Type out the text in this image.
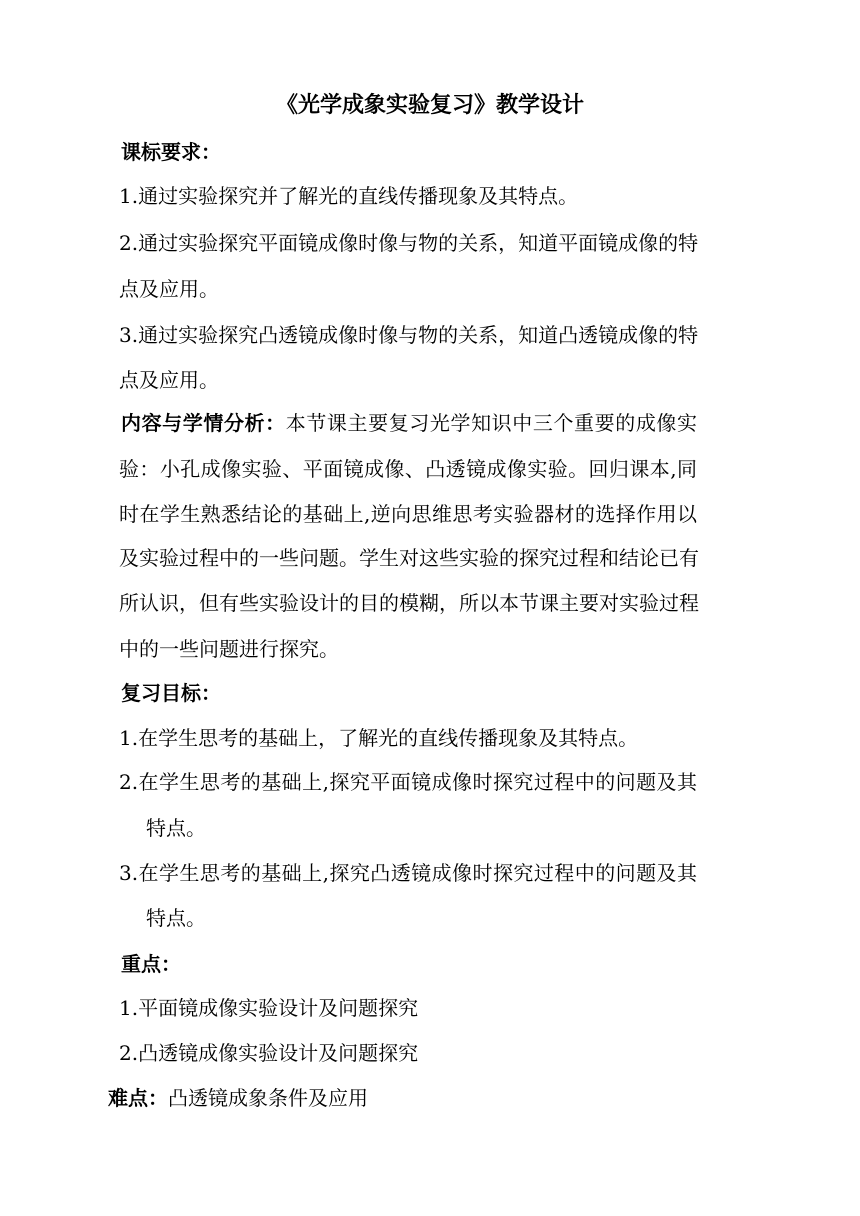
《光学成象实验复习》教学设计
课标要求：
1.通过实验探究并了解光的直线传播现象及其特点。
2.通过实验探究平面镜成像时像与物的关系，知道平面镜成像的特
点及应用。
3.通过实验探究凸透镜成像时像与物的关系，知道凸透镜成像的特
点及应用。
内容与学情分析：本节课主要复习光学知识中三个重要的成像实
验：小孔成像实验、平面镜成像、凸透镜成像实验。回归课本,同
时在学生熟悉结论的基础上,逆向思维思考实验器材的选择作用以
及实验过程中的一些问题。学生对这些实验的探究过程和结论已有
所认识，但有些实验设计的目的模糊，所以本节课主要对实验过程
中的一些问题进行探究。
复习目标：
1.在学生思考的基础上，了解光的直线传播现象及其特点。
2.在学生思考的基础上,探究平面镜成像时探究过程中的问题及其
特点。
3.在学生思考的基础上,探究凸透镜成像时探究过程中的问题及其
特点。
重点：
1.平面镜成像实验设计及问题探究
2.凸透镜成像实验设计及问题探究
难点：凸透镜成象条件及应用
